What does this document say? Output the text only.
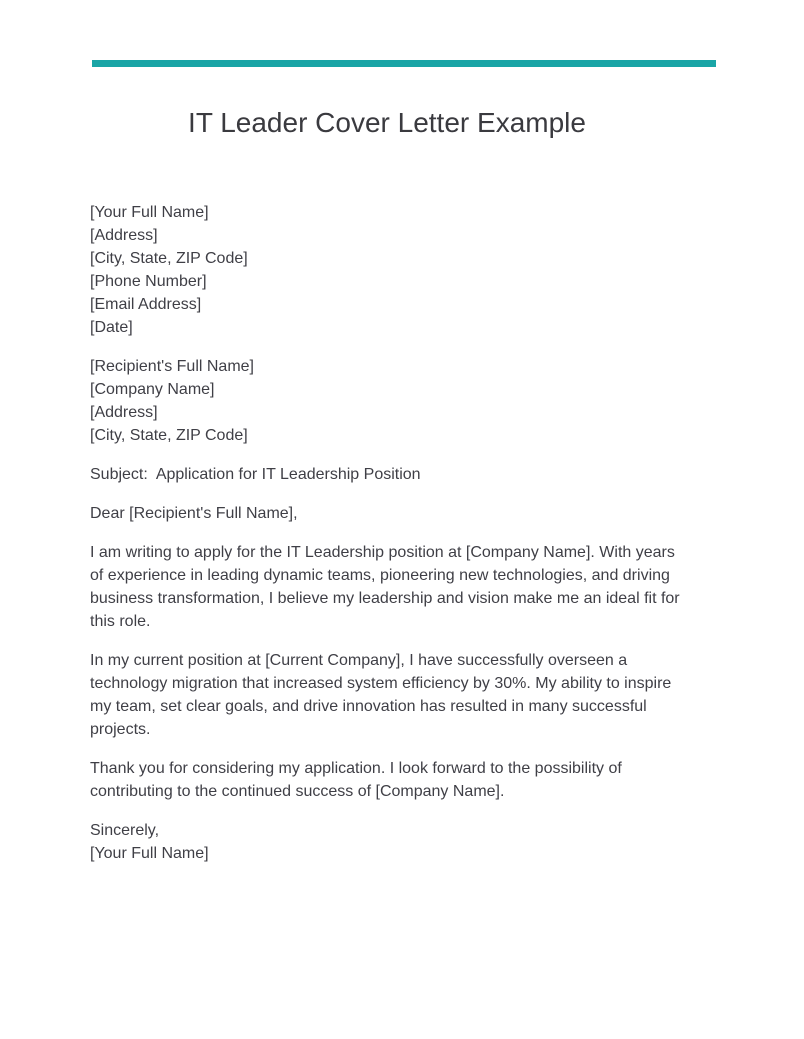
IT Leader Cover Letter Example
[Your Full Name]
[Address]
[City, State, ZIP Code]
[Phone Number]
[Email Address]
[Date]
[Recipient's Full Name]
[Company Name]
[Address]
[City, State, ZIP Code]
Subject:  Application for IT Leadership Position
Dear [Recipient's Full Name],
I am writing to apply for the IT Leadership position at [Company Name]. With years
of experience in leading dynamic teams, pioneering new technologies, and driving
business transformation, I believe my leadership and vision make me an ideal fit for
this role.
In my current position at [Current Company], I have successfully overseen a
technology migration that increased system efficiency by 30%. My ability to inspire
my team, set clear goals, and drive innovation has resulted in many successful
projects.
Thank you for considering my application. I look forward to the possibility of
contributing to the continued success of [Company Name].
Sincerely,
[Your Full Name]
